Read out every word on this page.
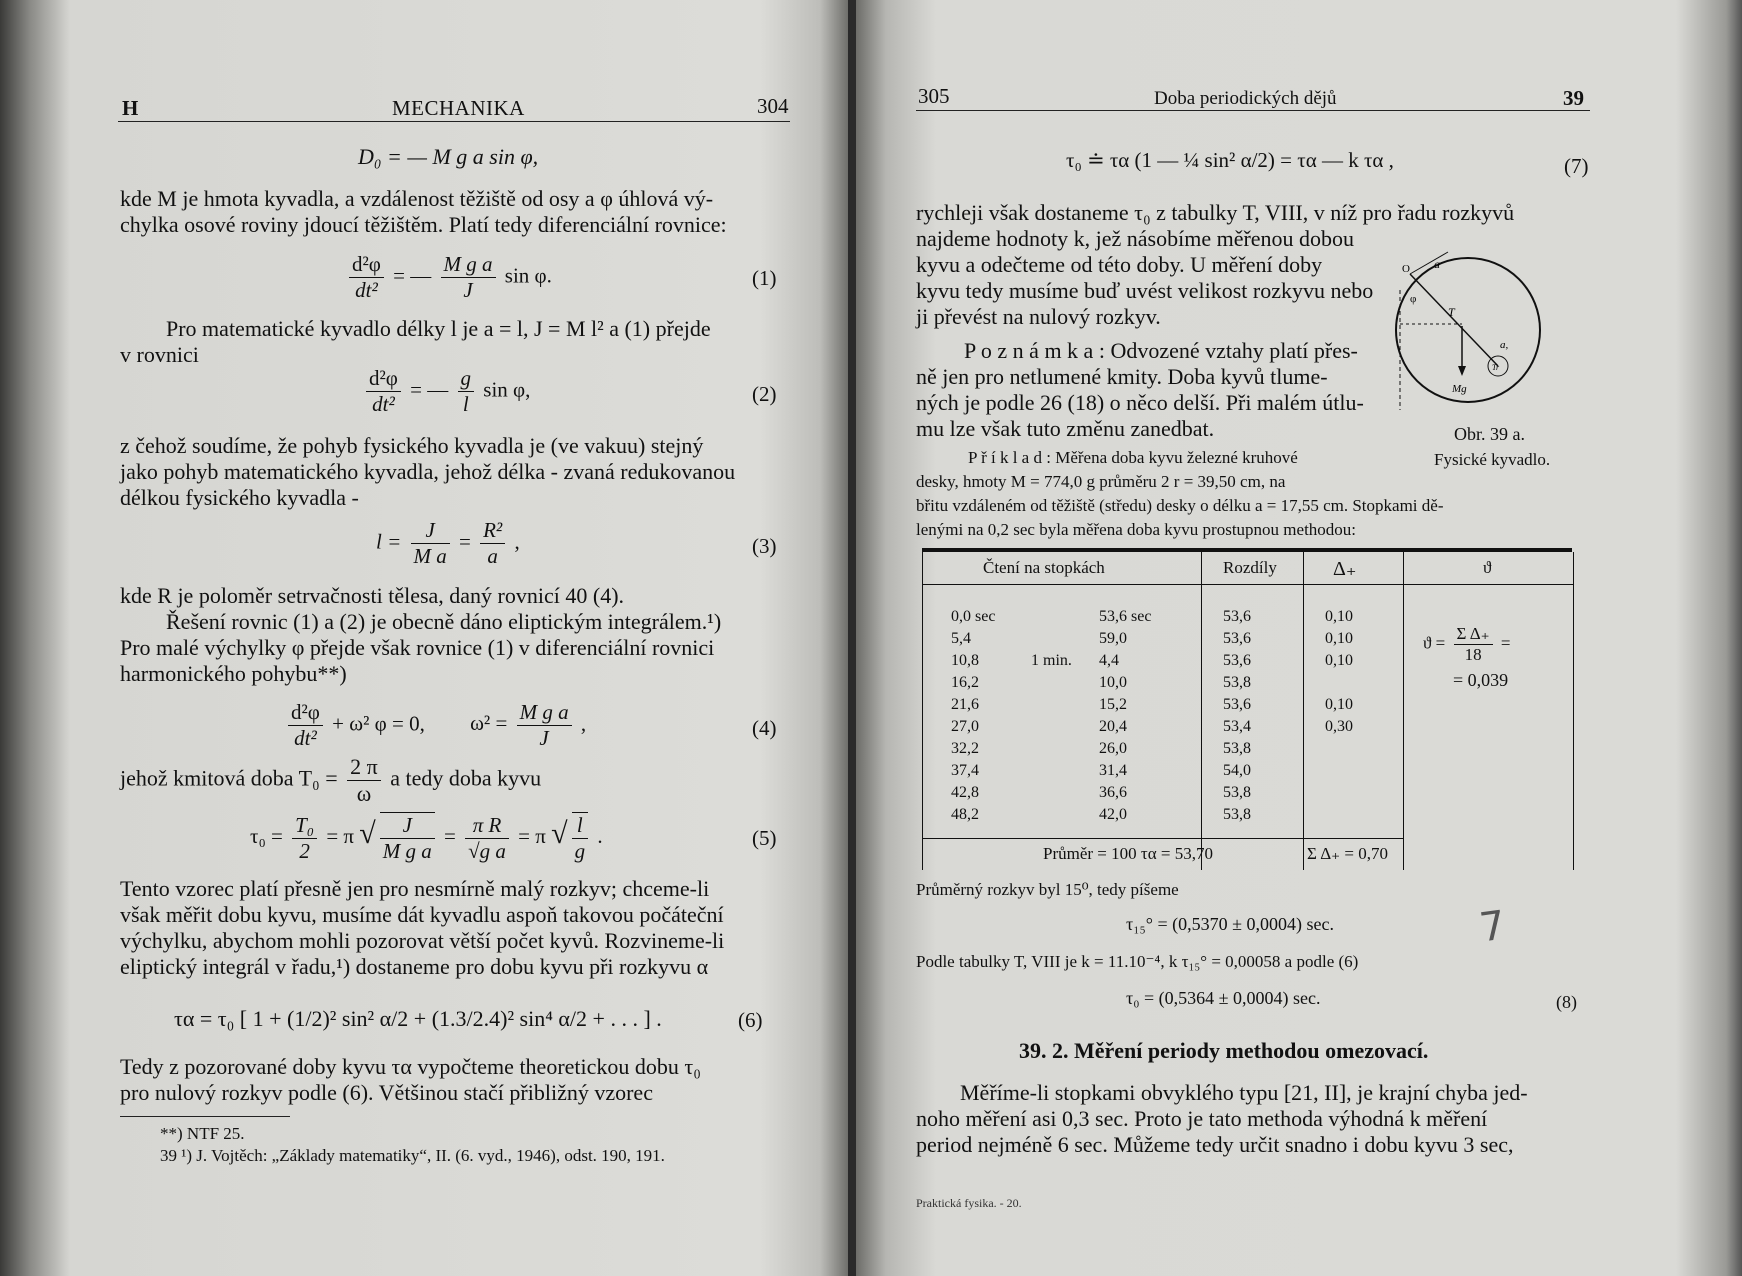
H	MECHANIKA	304
D₀ = — M g a sin φ,
kde M je hmota kyvadla, a vzdálenost těžiště od osy a φ úhlová vý-
chylka osové roviny jdoucí těžištěm. Platí tedy diferenciální rovnice:
$\frac{\text{d²φ}}{\text{dt²}}$ = — $\frac{\text{M g a}}{J}$ sin φ.	(1)
Pro matematické kyvadlo délky l je a = l, J = M l² a (1) přejde
v rovnici
$\frac{\text{d²φ}}{\text{dt²}}$ = — $\frac{g}{l}$ sin φ,	(2)
z čehož soudíme, že pohyb fysického kyvadla je (ve vakuu) stejný
jako pohyb matematického kyvadla, jehož délka - zvaná redukovanou
délkou fysického kyvadla -
$l = \frac{J}{\text{M a}} = \frac{\text{R²}}{a}$ ,	(3)
kde R je poloměr setrvačnosti tělesa, daný rovnicí 40 (4).
Řešení rovnic (1) a (2) je obecně dáno eliptickým integrálem.¹)
Pro malé výchylky φ přejde však rovnice (1) v diferenciální rovnici
harmonického pohybu**)
$\frac{\text{d²φ}}{\text{dt²}} + \omega^2$ φ = 0, $\omega^2 = \frac{\text{M g a}}{J}$ ,	(4)
jehož kmitová doba $T_0 = \frac{2 \pi}{\omega}$ a tedy doba kyvu
$\tau_0 = \frac{\text{T₀}}{2} = \pi$ √ $\frac{J}{\text{M g a}} = \frac{\text{π R}}{\text{√g a}} = \pi$ √ $\frac{l}{g}$ .	(5)
Tento vzorec platí přesně jen pro nesmírně malý rozkyv; chceme-li
však měřit dobu kyvu, musíme dát kyvadlu aspoň takovou počáteční
výchylku, abychom mohli pozorovat větší počet kyvů. Rozvineme-li
eliptický integrál v řadu,¹) dostaneme pro dobu kyvu při rozkyvu α
τα = τ₀ [ 1 + (1/2)² sin² α/2 + (1.3/2.4)² sin⁴ α/2 + . . . ] .	(6)
Tedy z pozorované doby kyvu τα vypočteme theoretickou dobu τ₀
pro nulový rozkyv podle (6). Většinou stačí přibližný vzorec
**) NTF 25.
39 ¹) J. Vojtěch: „Základy matematiky“, II. (6. vyd., 1946), odst. 190, 191.
305	Doba periodických dějů	39
τ₀ ≐ τα (1 — ¼ sin² α/2) = τα — k τα ,	(7)
rychleji však dostaneme τ₀ z tabulky T, VIII, v níž pro řadu rozkyvů
najdeme hodnoty k, jež násobíme měřenou dobou
kyvu a odečteme od této doby. U měření doby
kyvu tedy musíme buď uvést velikost rozkyvu nebo
ji převést na nulový rozkyv.
P o z n á m k a : Odvozené vztahy platí přes-
ně jen pro netlumené kmity. Doba kyvů tlume-
ných je podle 26 (18) o něco delší. Při malém útlu-
mu lze však tuto změnu zanedbat.
O a
φ
T
a,
Mg
Tr
Obr. 39 a.
Fysické kyvadlo.
P ř í k l a d : Měřena doba kyvu železné kruhové
desky, hmoty M = 774,0 g průměru 2 r = 39,50 cm, na
břitu vzdáleném od těžiště (středu) desky o délku a = 17,55 cm. Stopkami dě-
lenými na 0,2 sec byla měřena doba kyvu prostupnou methodou:
Čtení na stopkách	Rozdíly	Δ₊	ϑ
0,0 sec	53,6 sec	53,6	0,10
5,4	59,0	53,6	0,10
10,8	1 min. 4,4	53,6	0,10
16,2	10,0	53,8
21,6	15,2	53,6	0,10
27,0	20,4	53,4	0,30
32,2	26,0	53,8
37,4	31,4	54,0
42,8	36,6	53,8
48,2	42,0	53,8
$ϑ = \frac{\text{Σ Δ₊}}{18}$ =
= 0,039
Průměr = 100 τα = 53,70	Σ Δ₊ = 0,70
Průměrný rozkyv byl 15⁰, tedy píšeme
τ₁₅° = (0,5370 ± 0,0004) sec.
Podle tabulky T, VIII je k = 11.10⁻⁴, k τ₁₅° = 0,00058 a podle (6)
τ₀ = (0,5364 ± 0,0004) sec.	(8)
39. 2. Měření periody methodou omezovací.
Měříme-li stopkami obvyklého typu [21, II], je krajní chyba jed-
noho měření asi 0,3 sec. Proto je tato methoda výhodná k měření
period nejméně 6 sec. Můžeme tedy určit snadno i dobu kyvu 3 sec,
Praktická fysika. - 20.
7
